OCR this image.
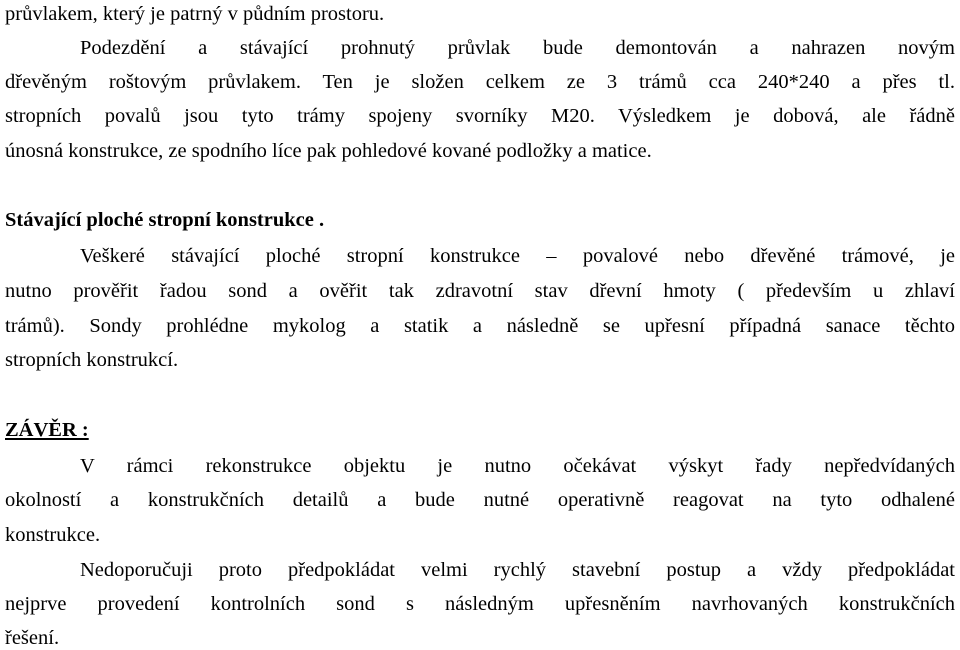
průvlakem, který je patrný v půdním prostoru.
Podezdění a stávající prohnutý průvlak bude demontován a nahrazen novým
dřevěným roštovým průvlakem. Ten je složen celkem ze 3 trámů cca 240*240 a přes tl.
stropních povalů jsou tyto trámy spojeny svorníky M20. Výsledkem je dobová, ale řádně
únosná konstrukce, ze spodního líce pak pohledové kované podložky a matice.
Stávající ploché stropní konstrukce .
Veškeré stávající ploché stropní konstrukce – povalové nebo dřevěné trámové, je
nutno prověřit řadou sond a ověřit tak zdravotní stav dřevní hmoty ( především u zhlaví
trámů). Sondy prohlédne mykolog a statik a následně se upřesní případná sanace těchto
stropních konstrukcí.
ZÁVĚR :
V rámci rekonstrukce objektu je nutno očekávat výskyt řady nepředvídaných
okolností a konstrukčních detailů a bude nutné operativně reagovat na tyto odhalené
konstrukce.
Nedoporučuji proto předpokládat velmi rychlý stavební postup a vždy předpokládat
nejprve provedení kontrolních sond s následným upřesněním navrhovaných konstrukčních
řešení.
